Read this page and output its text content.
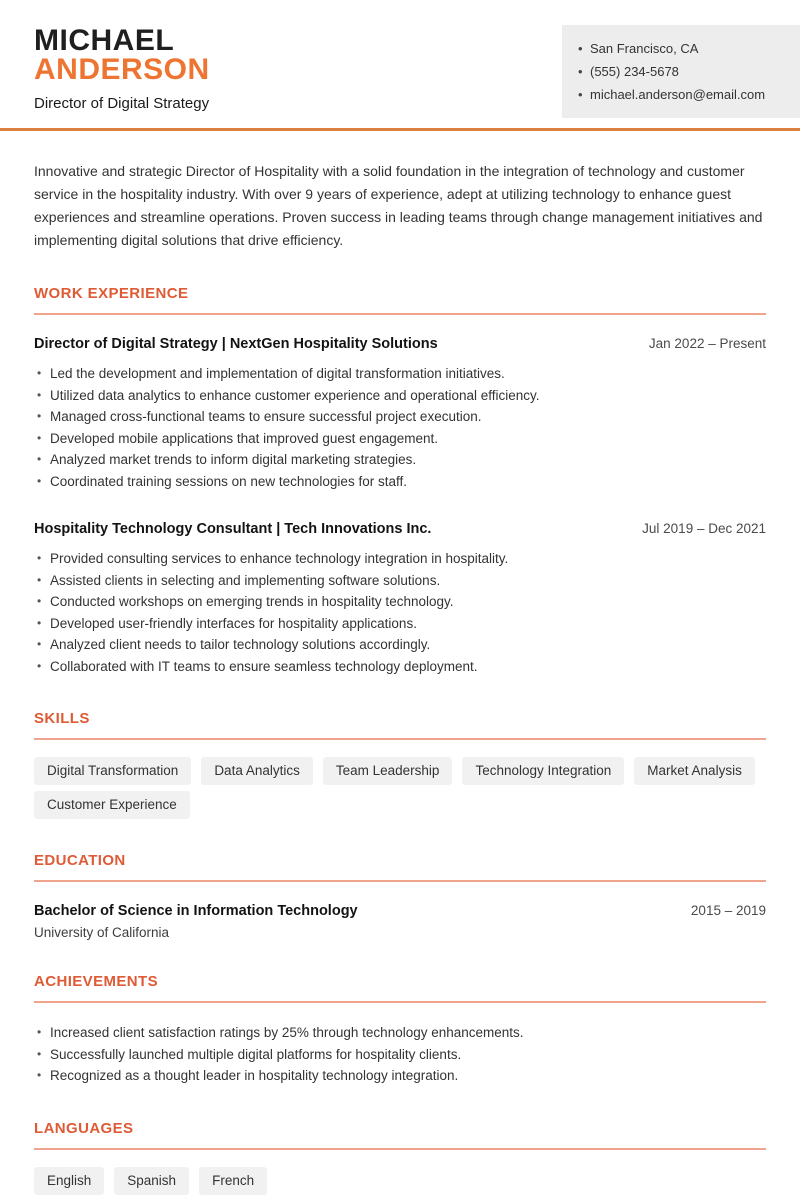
MICHAEL
ANDERSON
Director of Digital Strategy
• San Francisco, CA
• (555) 234-5678
• michael.anderson@email.com

Innovative and strategic Director of Hospitality with a solid foundation in the integration of technology and customer service in the hospitality industry. With over 9 years of experience, adept at utilizing technology to enhance guest experiences and streamline operations. Proven success in leading teams through change management initiatives and implementing digital solutions that drive efficiency.

WORK EXPERIENCE
Director of Digital Strategy | NextGen Hospitality Solutions	Jan 2022 – Present
• Led the development and implementation of digital transformation initiatives.
• Utilized data analytics to enhance customer experience and operational efficiency.
• Managed cross-functional teams to ensure successful project execution.
• Developed mobile applications that improved guest engagement.
• Analyzed market trends to inform digital marketing strategies.
• Coordinated training sessions on new technologies for staff.
Hospitality Technology Consultant | Tech Innovations Inc.	Jul 2019 – Dec 2021
• Provided consulting services to enhance technology integration in hospitality.
• Assisted clients in selecting and implementing software solutions.
• Conducted workshops on emerging trends in hospitality technology.
• Developed user-friendly interfaces for hospitality applications.
• Analyzed client needs to tailor technology solutions accordingly.
• Collaborated with IT teams to ensure seamless technology deployment.
SKILLS
Digital Transformation	Data Analytics	Team Leadership	Technology Integration	Market Analysis
Customer Experience
EDUCATION
Bachelor of Science in Information Technology	2015 – 2019
University of California
ACHIEVEMENTS
• Increased client satisfaction ratings by 25% through technology enhancements.
• Successfully launched multiple digital platforms for hospitality clients.
• Recognized as a thought leader in hospitality technology integration.
LANGUAGES
English	Spanish	French
